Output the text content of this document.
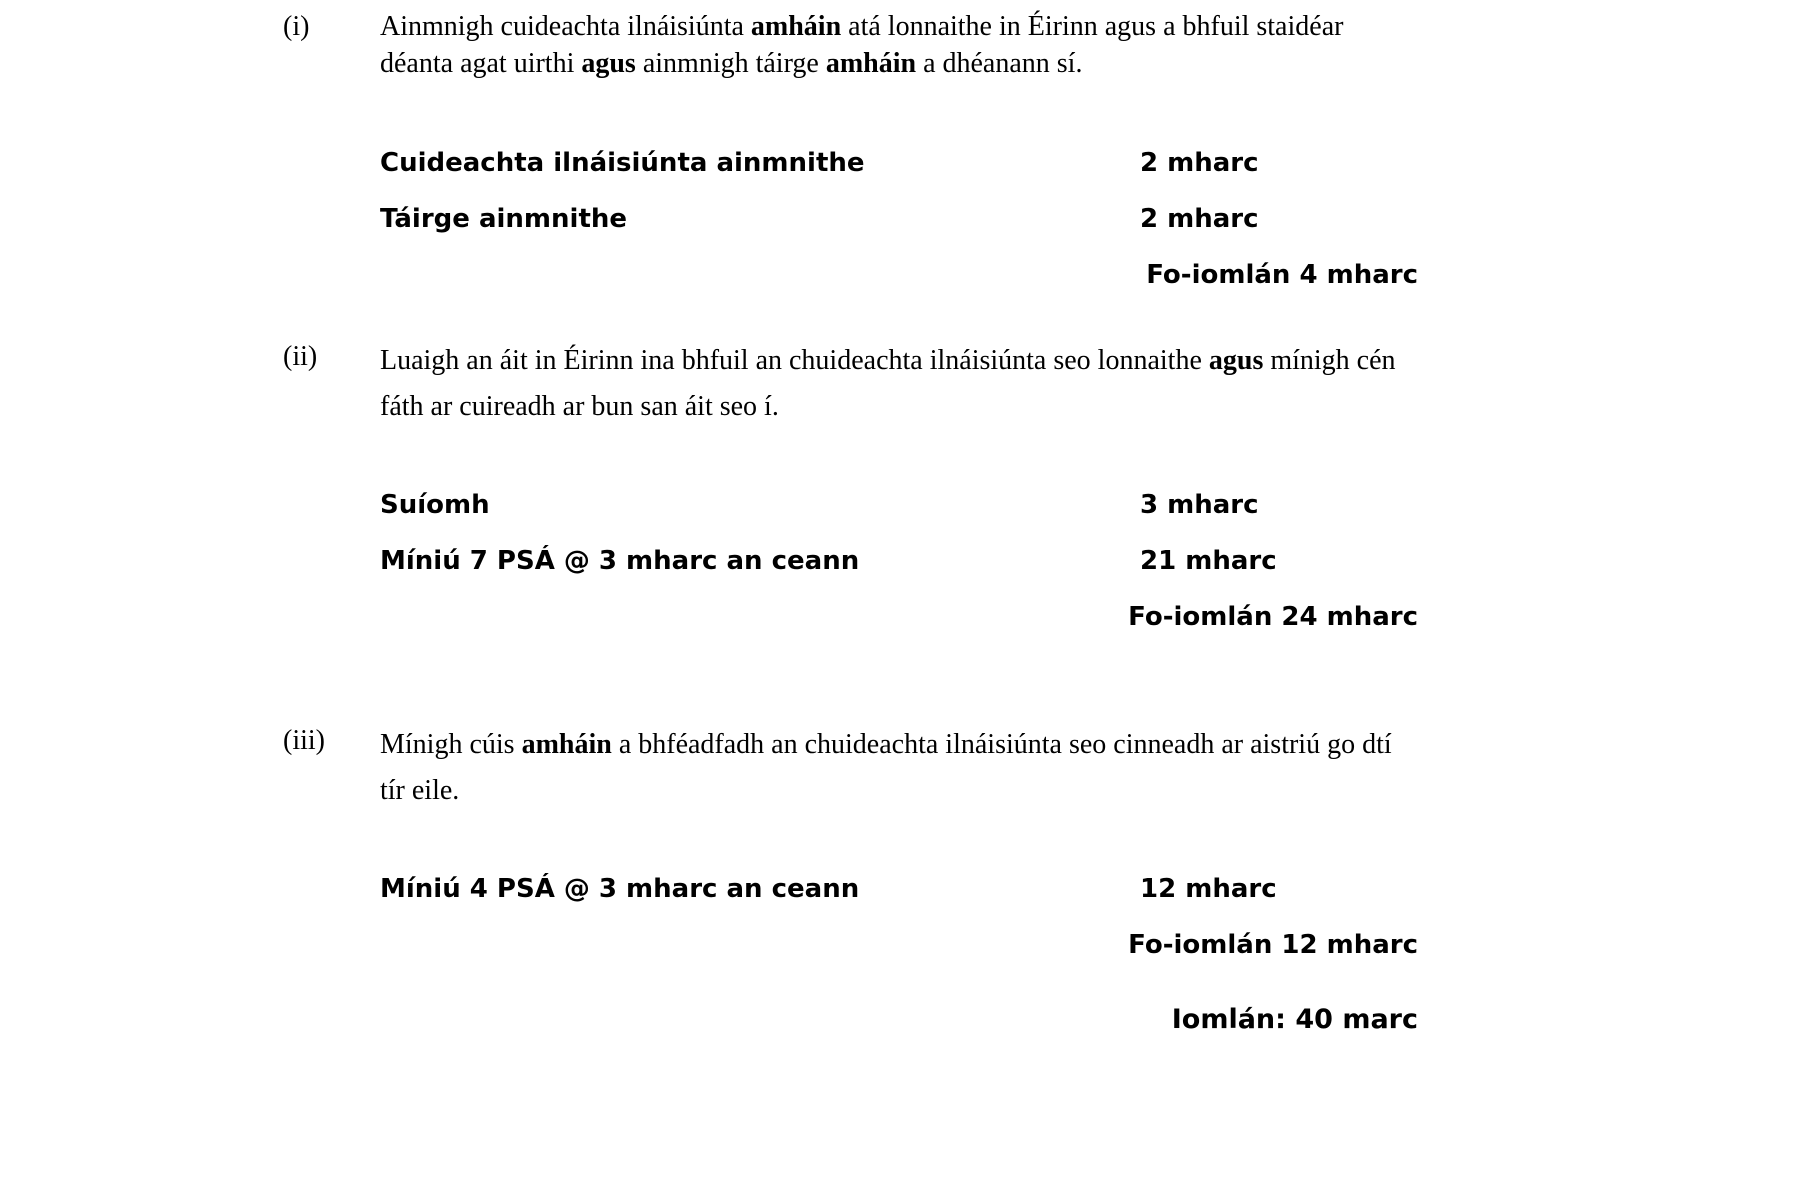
(i)	Ainmnigh cuideachta ilnáisiúnta amháin atá lonnaithe in Éirinn agus a bhfuil staidéar déanta agat uirthi agus ainmnigh táirge amháin a dhéanann sí.

Cuideachta ilnáisiúnta ainmnithe	2 mharc
Táirge ainmnithe	2 mharc
Fo-iomlán 4 mharc
(ii)	Luaigh an áit in Éirinn ina bhfuil an chuideachta ilnáisiúnta seo lonnaithe agus mínigh cén fáth ar cuireadh ar bun san áit seo í.

Suíomh	3 mharc
Míniú 7 PSÁ @ 3 mharc an ceann	21 mharc
Fo-iomlán 24 mharc
(iii)	Mínigh cúis amháin a bhféadfadh an chuideachta ilnáisiúnta seo cinneadh ar aistriú go dtí tír eile.

Míniú 4 PSÁ @ 3 mharc an ceann	12 mharc
Fo-iomlán 12 mharc
Iomlán: 40 marc
